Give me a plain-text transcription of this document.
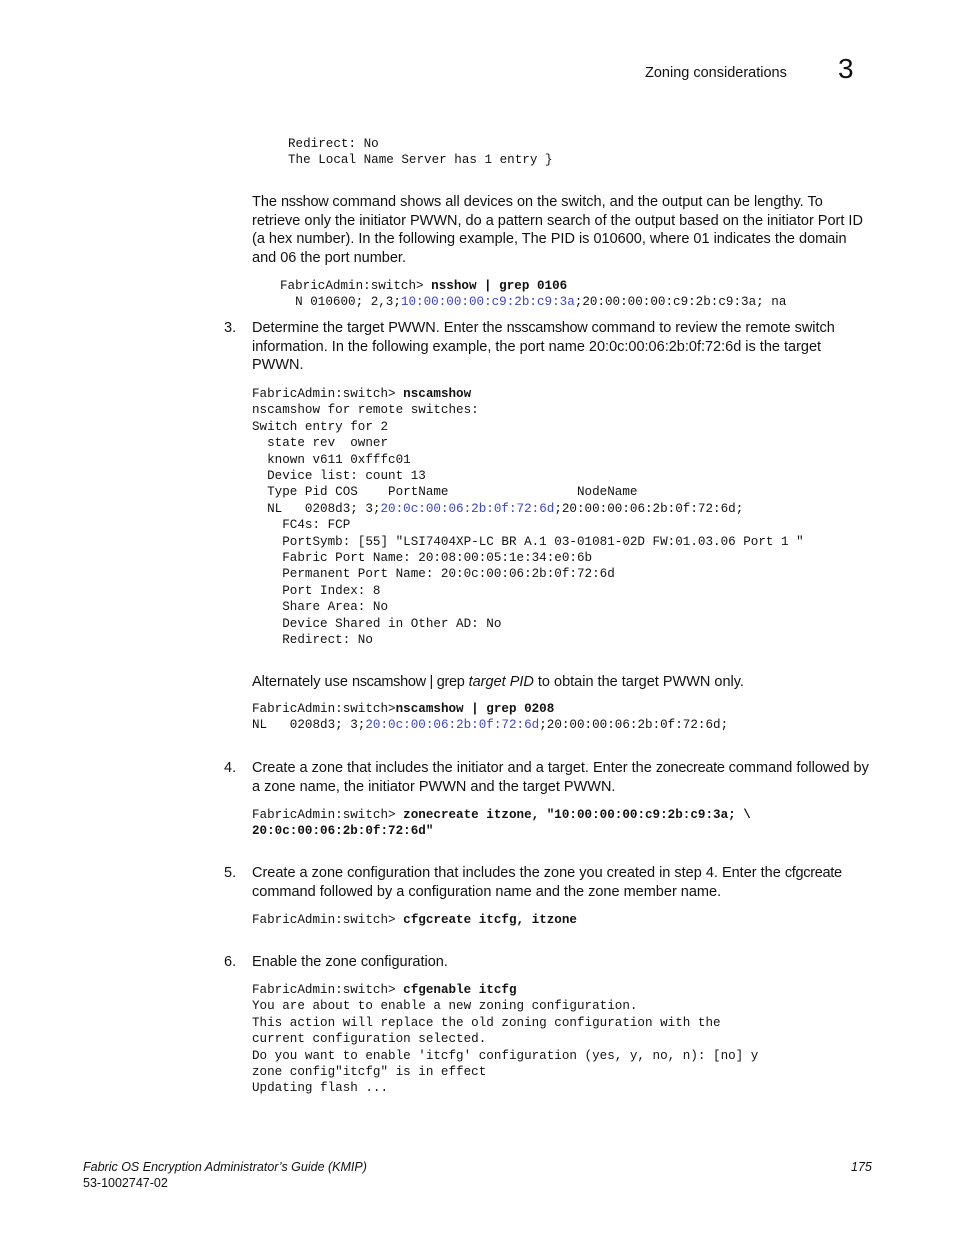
Zoning considerations 3
Redirect: No
The Local Name Server has 1 entry }

The nsshow command shows all devices on the switch, and the output can be lengthy. To retrieve only the initiator PWWN, do a pattern search of the output based on the initiator Port ID (a hex number). In the following example, The PID is 010600, where 01 indicates the domain and 06 the port number.

FabricAdmin:switch> nsshow | grep 0106
N 010600; 2,3;10:00:00:00:c9:2b:c9:3a;20:00:00:00:c9:2b:c9:3a; na
3. Determine the target PWWN. Enter the nsscamshow command to review the remote switch information. In the following example, the port name 20:0c:00:06:2b:0f:72:6d is the target PWWN.

FabricAdmin:switch> nscamshow
nscamshow for remote switches:
Switch entry for 2
state rev  owner
known v611 0xfffc01
Device list: count 13
Type Pid COS    PortName                 NodeName
NL   0208d3; 3;20:0c:00:06:2b:0f:72:6d;20:00:00:06:2b:0f:72:6d;
FC4s: FCP
PortSymb: [55] "LSI7404XP-LC BR A.1 03-01081-02D FW:01.03.06 Port 1 "
Fabric Port Name: 20:08:00:05:1e:34:e0:6b
Permanent Port Name: 20:0c:00:06:2b:0f:72:6d
Port Index: 8
Share Area: No
Device Shared in Other AD: No
Redirect: No

Alternately use nscamshow | grep target PID to obtain the target PWWN only.

FabricAdmin:switch>nscamshow | grep 0208
NL   0208d3; 3;20:0c:00:06:2b:0f:72:6d;20:00:00:06:2b:0f:72:6d;
4. Create a zone that includes the initiator and a target. Enter the zonecreate command followed by a zone name, the initiator PWWN and the target PWWN.

FabricAdmin:switch> zonecreate itzone, "10:00:00:00:c9:2b:c9:3a; \
20:0c:00:06:2b:0f:72:6d"
5. Create a zone configuration that includes the zone you created in step 4. Enter the cfgcreate command followed by a configuration name and the zone member name.

FabricAdmin:switch> cfgcreate itcfg, itzone
6. Enable the zone configuration.

FabricAdmin:switch> cfgenable itcfg
You are about to enable a new zoning configuration.
This action will replace the old zoning configuration with the
current configuration selected.
Do you want to enable 'itcfg' configuration (yes, y, no, n): [no] y
zone config"itcfg" is in effect
Updating flash ...
Fabric OS Encryption Administrator’s Guide (KMIP)
53-1002747-02
175
